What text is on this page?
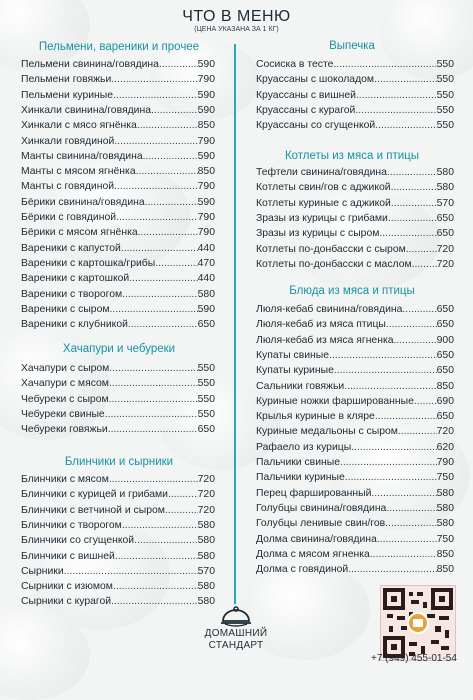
ЧТО В МЕНЮ
(ЦЕНА УКАЗАНА ЗА 1 КГ)
Пельмени, вареники и прочее
Пельмени свинина/говядина .....	590
Пельмени говяжьи .....	790
Пельмени куриные .....	590
Хинкали свинина/говядина .....	590
Хинкали с мясо ягнёнка .....	850
Хинкали говядиной .....	790
Манты свинина/говядина .....	590
Манты с мясом ягнёнка .....	850
Манты с говядиной .....	790
Бёрики свинина/говядина .....	590
Бёрики с говядиной .....	790
Бёрики с мясом ягнёнка .....	790
Вареники с капустой .....	440
Вареники с картошка/грибы .....	470
Вареники с картошкой .....	440
Вареники с творогом .....	580
Вареники с сыром .....	590
Вареники с клубникой .....	650
Хачапури и чебуреки
Хачапури с сыром .....	550
Хачапури с мясом .....	550
Чебуреки с сыром .....	550
Чебуреки свиные .....	550
Чебуреки говяжьи .....	650
Блинчики и сырники
Блинчики с мясом .....	720
Блинчики с курицей и грибами .....	720
Блинчики с ветчиной и сыром .....	720
Блинчики с творогом .....	580
Блинчики со сгущенкой .....	580
Блинчики с вишней .....	580
Сырники .....	570
Сырники с изюмом .....	580
Сырники с курагой .....	580
Выпечка
Сосиска в тесте .....	550
Круассаны с шоколадом .....	550
Круассаны с вишней .....	550
Круассаны с курагой .....	550
Круассаны со сгущенкой .....	550
Котлеты из мяса и птицы
Тефтели свинина/говядина .....	580
Котлеты свин/гов с аджикой .....	580
Котлеты куриные с аджикой .....	570
Зразы из курицы с грибами .....	650
Зразы из курицы с сыром .....	650
Котлеты по-донбасски с сыром .....	720
Котлеты по-донбасски с маслом ..... 720
Блюда из мяса и птицы
Люля-кебаб свинина/говядина .....	650
Люля-кебаб из мяса птицы .....	650
Люля-кебаб из мяса ягненка .....	900
Купаты свиные .....	650
Купаты куриные .....	650
Сальники говяжьи .....	850
Куриные ножки фаршированные ..... 690
Крылья куриные в кляре .....	650
Куриные медальоны с сыром .....	720
Рафаело из курицы .....	620
Пальчики свиные .....	790
Пальчики куриные .....	750
Перец фаршированный .....	580
Голубцы свинина/говядина .....	580
Голубцы ленивые свин/гов .....	580
Долма свинина/говядина .....	750
Долма с мясом ягненка .....	850
Долма с говядиной .....	850
ДОМАШНИЙ
СТАНДАРТ
+7 (949) 455-01-54
